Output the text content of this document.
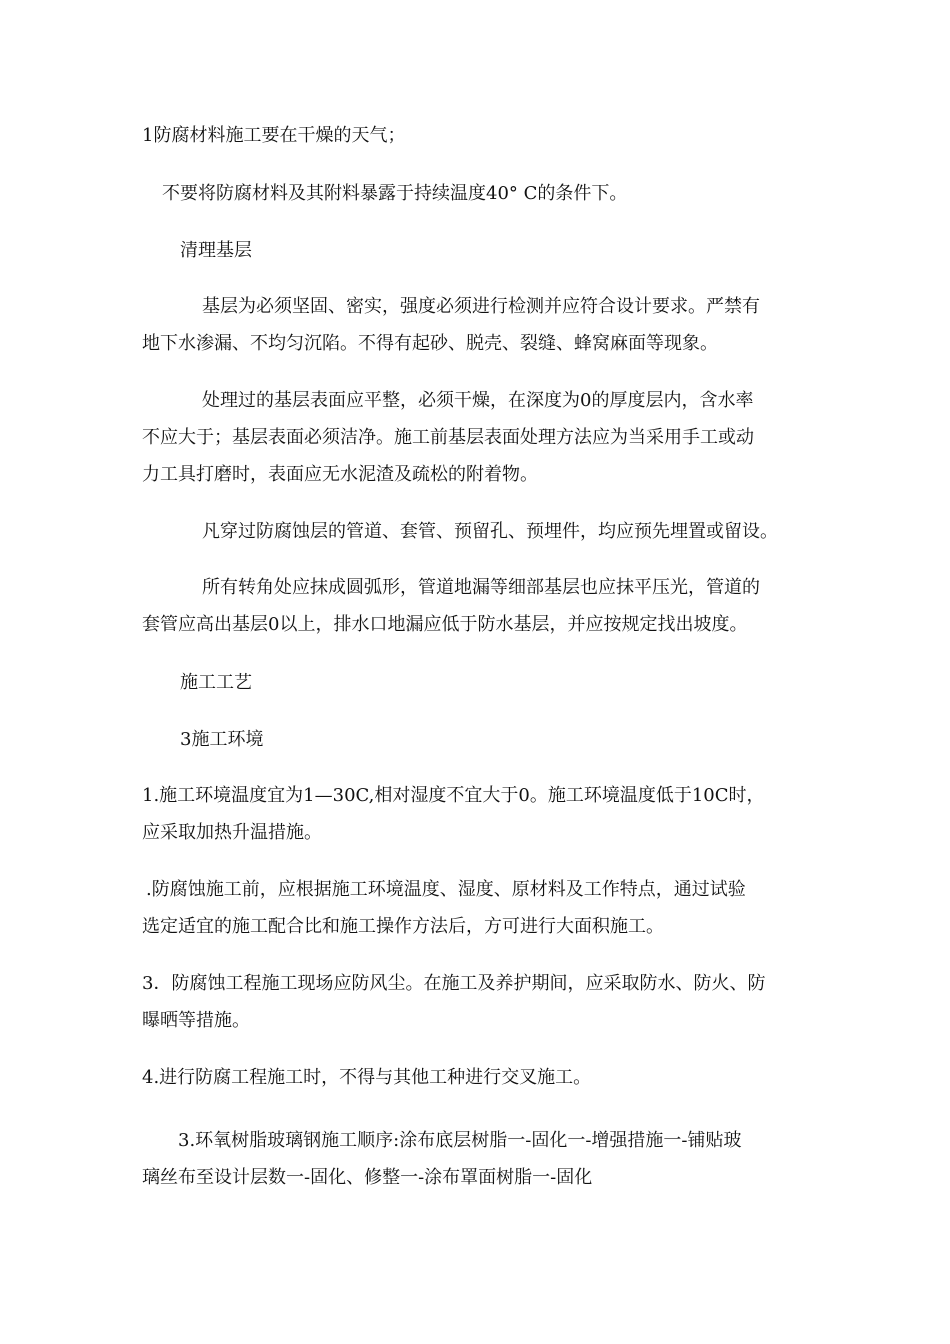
1防腐材料施工要在干燥的天气；

不要将防腐材料及其附料暴露于持续温度40° C的条件下。

清理基层

基层为必须坚固、密实，强度必须进行检测并应符合设计要求。严禁有
地下水渗漏、不均匀沉陷。不得有起砂、脱壳、裂缝、蜂窝麻面等现象。

处理过的基层表面应平整，必须干燥，在深度为0的厚度层内，含水率
不应大于；基层表面必须洁净。施工前基层表面处理方法应为当采用手工或动
力工具打磨时，表面应无水泥渣及疏松的附着物。

凡穿过防腐蚀层的管道、套管、预留孔、预埋件，均应预先埋置或留设。

所有转角处应抹成圆弧形，管道地漏等细部基层也应抹平压光，管道的
套管应高出基层0以上，排水口地漏应低于防水基层，并应按规定找出坡度。

施工工艺

3施工环境

1.施工环境温度宜为1—30C,相对湿度不宜大于0。施工环境温度低于10C时，
应采取加热升温措施。

.防腐蚀施工前，应根据施工环境温度、湿度、原材料及工作特点，通过试验
选定适宜的施工配合比和施工操作方法后，方可进行大面积施工。

3．防腐蚀工程施工现场应防风尘。在施工及养护期间，应采取防水、防火、防
曝晒等措施。

4.进行防腐工程施工时，不得与其他工种进行交叉施工。

3.环氧树脂玻璃钢施工顺序:涂布底层树脂一-固化一-增强措施一-铺贴玻
璃丝布至设计层数一-固化、修整一-涂布罩面树脂一-固化
